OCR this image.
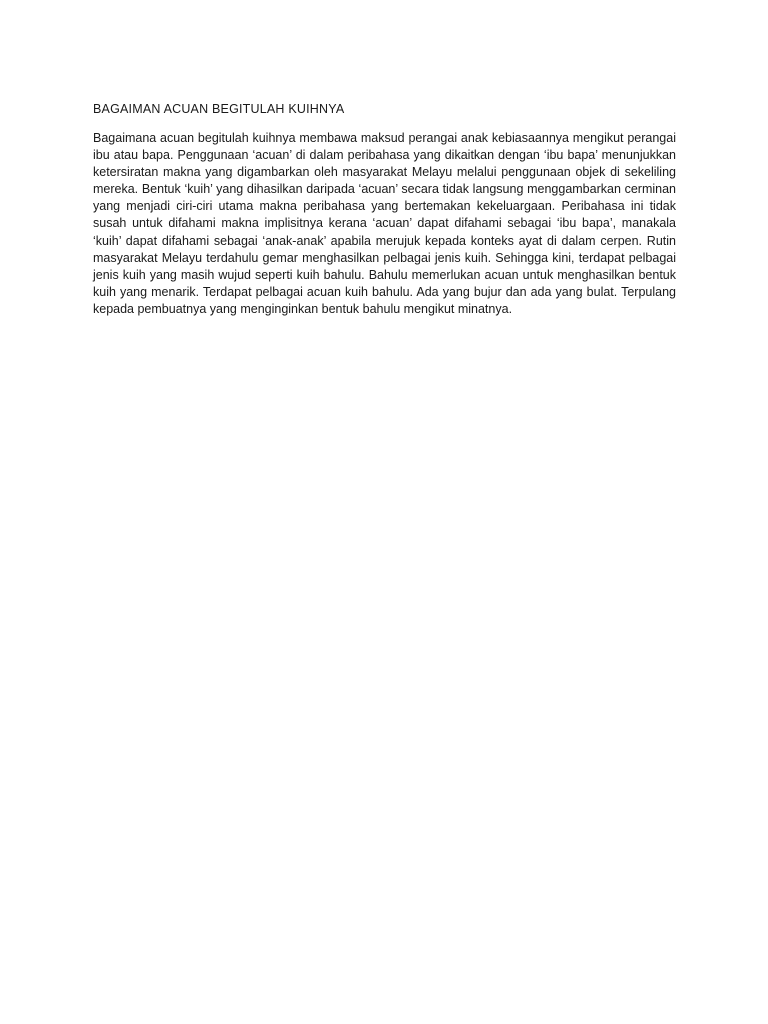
BAGAIMAN ACUAN BEGITULAH KUIHNYA

Bagaimana acuan begitulah kuihnya membawa maksud perangai anak kebiasaannya mengikut perangai ibu atau bapa. Penggunaan ‘acuan’ di dalam peribahasa yang dikaitkan dengan ‘ibu bapa’ menunjukkan ketersiratan makna yang digambarkan oleh masyarakat Melayu melalui penggunaan objek di sekeliling mereka. Bentuk ‘kuih’ yang dihasilkan daripada ‘acuan’ secara tidak langsung menggambarkan cerminan yang menjadi ciri-ciri utama makna peribahasa yang bertemakan kekeluargaan. Peribahasa ini tidak susah untuk difahami makna implisitnya kerana ‘acuan’ dapat difahami sebagai ‘ibu bapa’, manakala ‘kuih’ dapat difahami sebagai ‘anak-anak’ apabila merujuk kepada konteks ayat di dalam cerpen. Rutin masyarakat Melayu terdahulu gemar menghasilkan pelbagai jenis kuih. Sehingga kini, terdapat pelbagai jenis kuih yang masih wujud seperti kuih bahulu. Bahulu memerlukan acuan untuk menghasilkan bentuk kuih yang menarik. Terdapat pelbagai acuan kuih bahulu. Ada yang bujur dan ada yang bulat. Terpulang kepada pembuatnya yang menginginkan bentuk bahulu mengikut minatnya.
